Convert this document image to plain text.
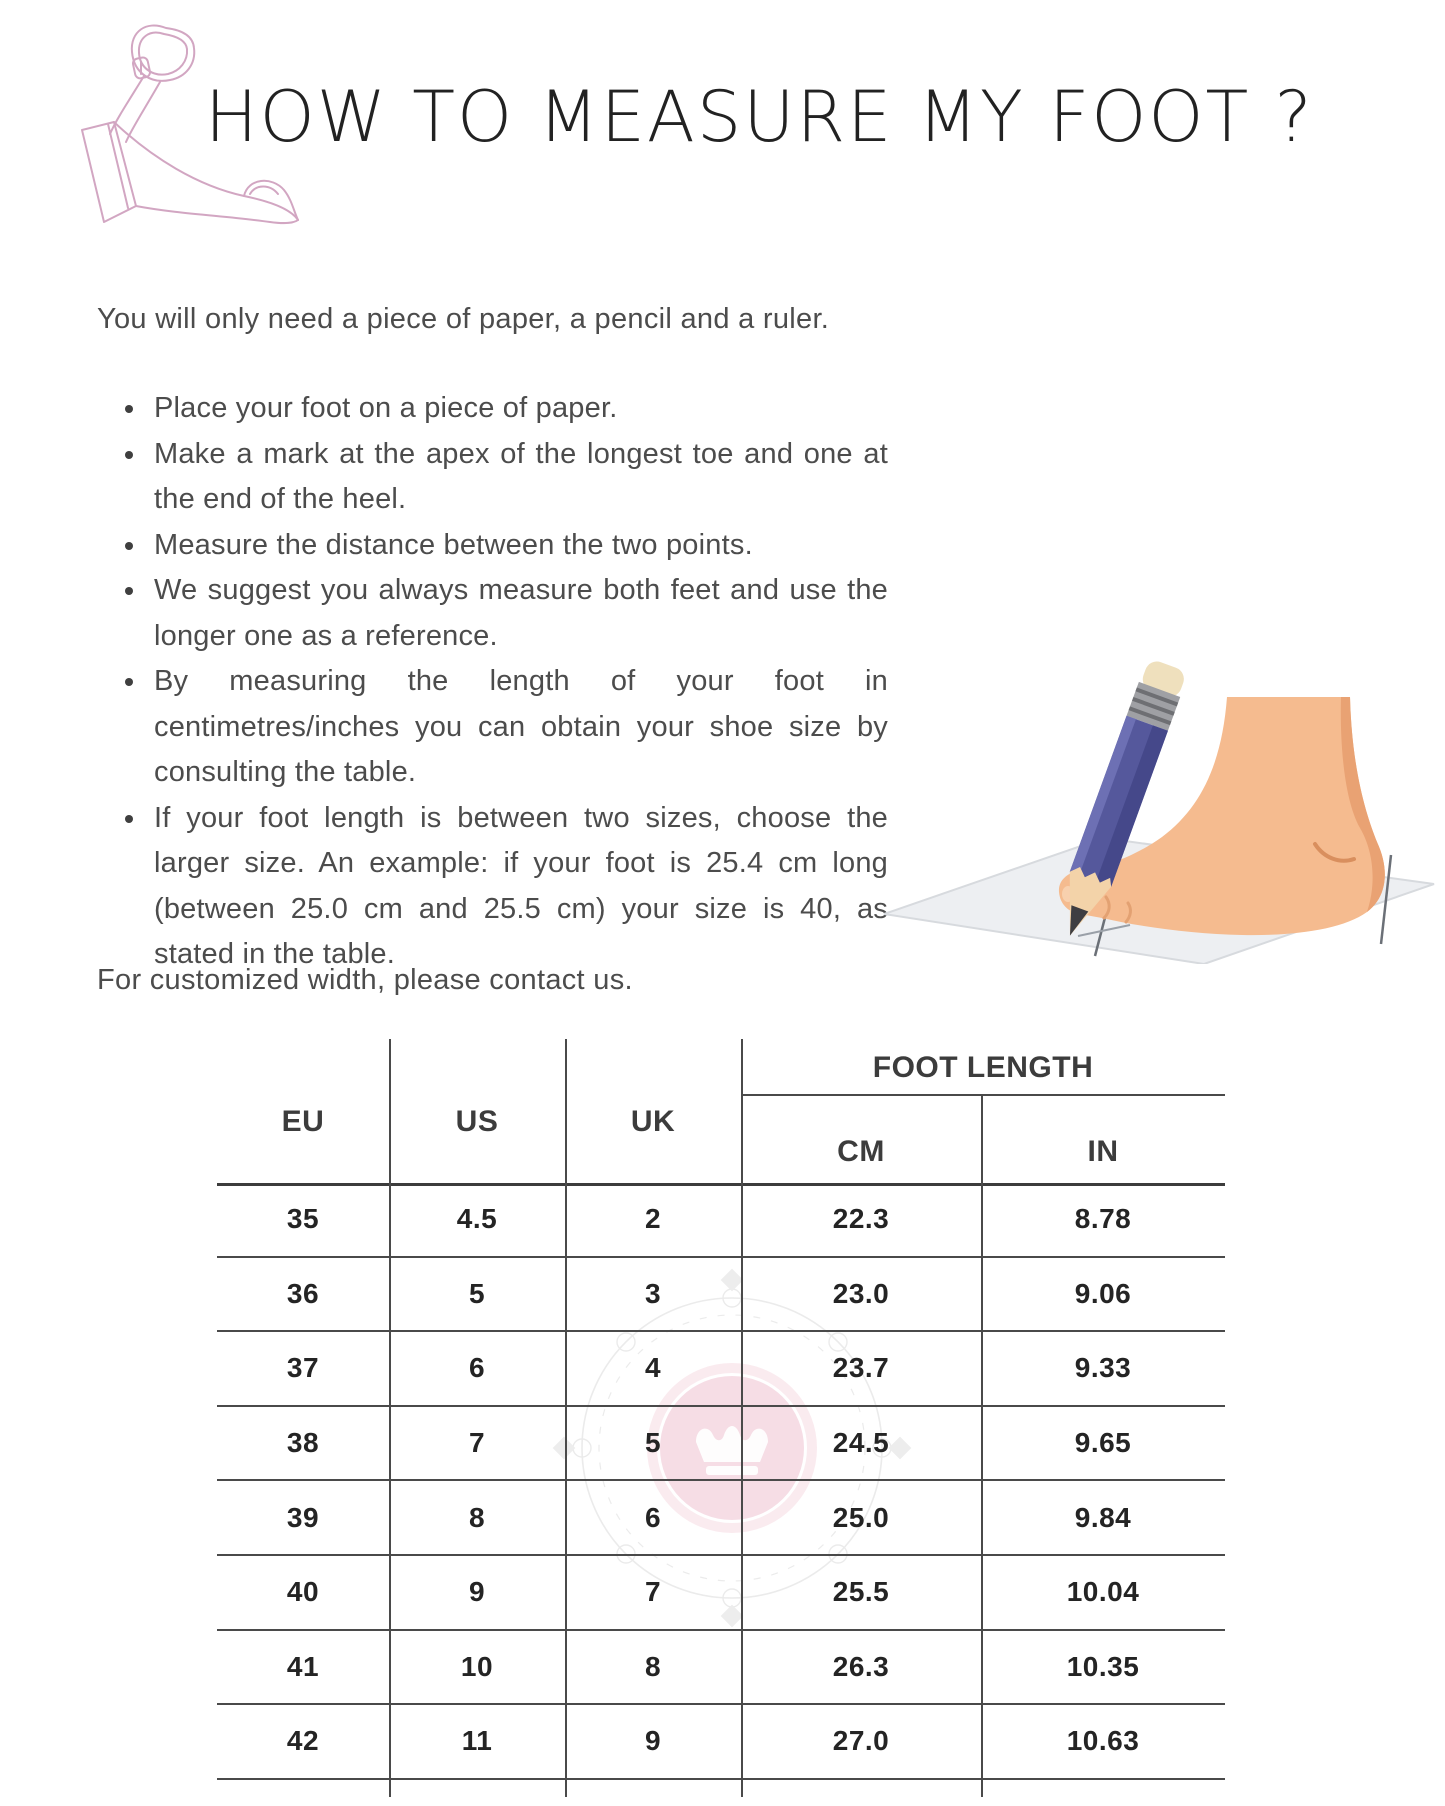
HOW TO MEASURE MY FOOT ?
You will only need a piece of paper, a pencil and a ruler.
Place your foot on a piece of paper.
Make a mark at the apex of the longest toe and one at the end of the heel.
Measure the distance between the two points.
We suggest you always measure both feet and use the longer one as a reference.
By measuring the length of your foot in centimetres/inches you can obtain your shoe size by consulting the table.
If your foot length is between two sizes, choose the larger size. An example: if your foot is 25.4 cm long (between 25.0 cm and 25.5 cm) your size is 40, as stated in the table.
For customized width, please contact us.
FOOT LENGTH
EU	US	UK
CM	IN
35	4.5	2	22.3	8.78
36	5	3	23.0	9.06
37	6	4	23.7	9.33
38	7	5	24.5	9.65
39	8	6	25.0	9.84
40	9	7	25.5	10.04
41	10	8	26.3	10.35
42	11	9	27.0	10.63
